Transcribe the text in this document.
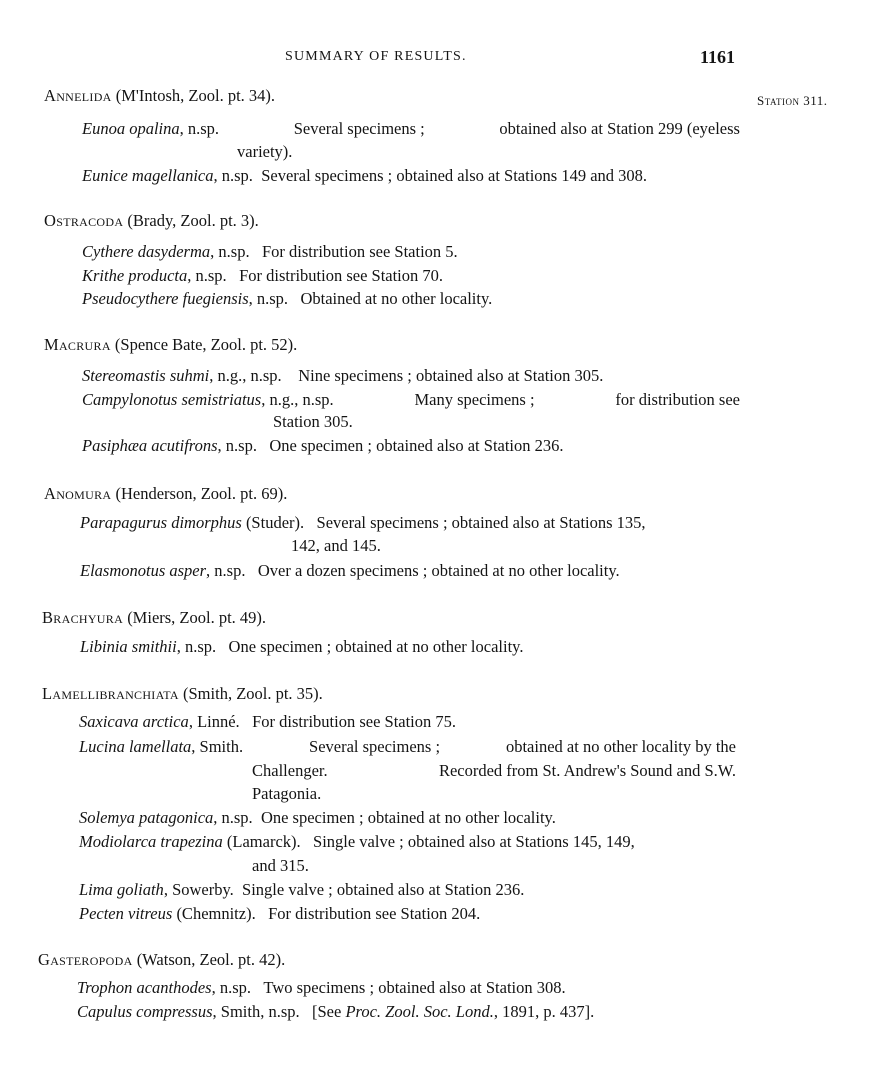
SUMMARY OF RESULTS.	1161
Station 311.
Annelida (M'Intosh, Zool. pt. 34).
Eunoa opalina, n.sp.	Several specimens ;	obtained also at Station 299 (eyeless
variety).
Eunice magellanica, n.sp. Several specimens ; obtained also at Stations 149 and 308.
Ostracoda (Brady, Zool. pt. 3).
Cythere dasyderma, n.sp. For distribution see Station 5.
Krithe producta, n.sp. For distribution see Station 70.
Pseudocythere fuegiensis, n.sp. Obtained at no other locality.
Macrura (Spence Bate, Zool. pt. 52).
Stereomastis suhmi, n.g., n.sp. Nine specimens ; obtained also at Station 305.
Campylonotus semistriatus, n.g., n.sp.	Many specimens ;	for distribution see
Station 305.
Pasiphæa acutifrons, n.sp. One specimen ; obtained also at Station 236.
Anomura (Henderson, Zool. pt. 69).
Parapagurus dimorphus (Studer). Several specimens ; obtained also at Stations 135,
142, and 145.
Elasmonotus asper, n.sp. Over a dozen specimens ; obtained at no other locality.
Brachyura (Miers, Zool. pt. 49).
Libinia smithii, n.sp. One specimen ; obtained at no other locality.
Lamellibranchiata (Smith, Zool. pt. 35).
Saxicava arctica, Linné. For distribution see Station 75.
Lucina lamellata, Smith.	Several specimens ;	obtained at no other locality by the
Challenger.	Recorded from St. Andrew's Sound and S.W.
Patagonia.
Solemya patagonica, n.sp. One specimen ; obtained at no other locality.
Modiolarca trapezina (Lamarck). Single valve ; obtained also at Stations 145, 149,
and 315.
Lima goliath, Sowerby. Single valve ; obtained also at Station 236.
Pecten vitreus (Chemnitz). For distribution see Station 204.
Gasteropoda (Watson, Zeol. pt. 42).
Trophon acanthodes, n.sp. Two specimens ; obtained also at Station 308.
Capulus compressus, Smith, n.sp. [See Proc. Zool. Soc. Lond., 1891, p. 437].
